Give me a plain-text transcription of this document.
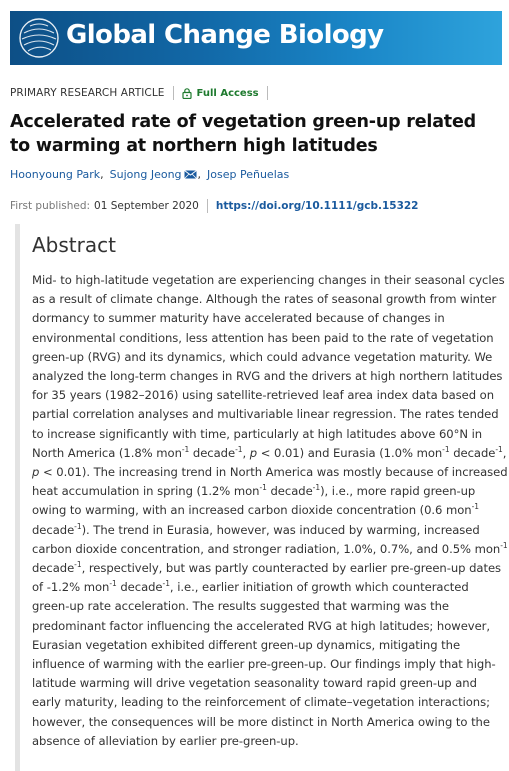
Global Change Biology
PRIMARY RESEARCH ARTICLE	Full Access
Accelerated rate of vegetation green-up related to warming at northern high latitudes
Hoonyoung Park , Sujong Jeong , Josep Peñuelas
First published: 01 September 2020 https://doi.org/10.1111/gcb.15322
Abstract

Mid- to high-latitude vegetation are experiencing changes in their seasonal cycles as a result of climate change. Although the rates of seasonal growth from winter dormancy to summer maturity have accelerated because of changes in environmental conditions, less attention has been paid to the rate of vegetation green-up (RVG) and its dynamics, which could advance vegetation maturity. We analyzed the long-term changes in RVG and the drivers at high northern latitudes for 35 years (1982–2016) using satellite-retrieved leaf area index data based on partial correlation analyses and multivariable linear regression. The rates tended to increase significantly with time, particularly at high latitudes above 60°N in North America (1.8% mon$^{-1}$ decade$^{-1}$, p < 0.01) and Eurasia (1.0% mon$^{-1}$ decade$^{-1}$, p < 0.01). The increasing trend in North America was mostly because of increased heat accumulation in spring (1.2% mon$^{-1}$ decade$^{-1}$), i.e., more rapid green-up owing to warming, with an increased carbon dioxide concentration (0.6 mon$^{-1}$ decade$^{-1}$). The trend in Eurasia, however, was induced by warming, increased carbon dioxide concentration, and stronger radiation, 1.0%, 0.7%, and 0.5% mon$^{-1}$ decade$^{-1}$, respectively, but was partly counteracted by earlier pre-green-up dates of -1.2% mon$^{-1}$ decade$^{-1}$, i.e., earlier initiation of growth which counteracted green-up rate acceleration. The results suggested that warming was the predominant factor influencing the accelerated RVG at high latitudes; however, Eurasian vegetation exhibited different green-up dynamics, mitigating the influence of warming with the earlier pre-green-up. Our findings imply that high-latitude warming will drive vegetation seasonality toward rapid green-up and early maturity, leading to the reinforcement of climate–vegetation interactions; however, the consequences will be more distinct in North America owing to the absence of alleviation by earlier pre-green-up.
